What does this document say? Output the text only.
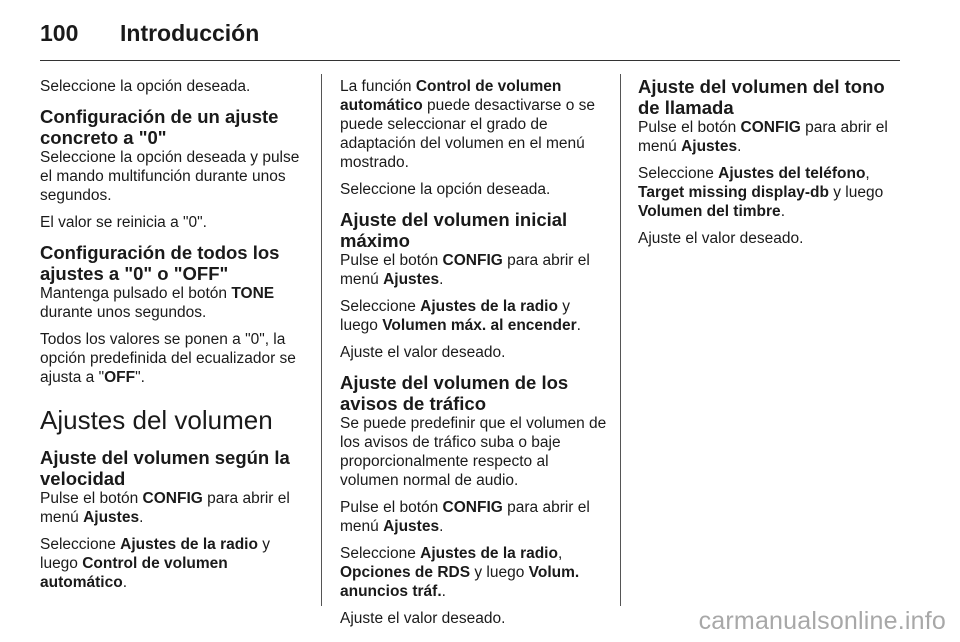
100 Introducción

Seleccione la opción deseada.

Configuración de un ajuste concreto a "0"

Seleccione la opción deseada y pulse el mando multifunción durante unos segundos.

El valor se reinicia a "0".

Configuración de todos los ajustes a "0" o "OFF"

Mantenga pulsado el botón TONE durante unos segundos.

Todos los valores se ponen a "0", la opción predefinida del ecualizador se ajusta a "OFF".

Ajustes del volumen
Ajuste del volumen según la velocidad

Pulse el botón CONFIG para abrir el menú Ajustes.

Seleccione Ajustes de la radio y luego Control de volumen automático.

La función Control de volumen automático puede desactivarse o se puede seleccionar el grado de adaptación del volumen en el menú mostrado.

Seleccione la opción deseada.

Ajuste del volumen inicial máximo

Pulse el botón CONFIG para abrir el menú Ajustes.

Seleccione Ajustes de la radio y luego Volumen máx. al encender.

Ajuste el valor deseado.

Ajuste del volumen de los avisos de tráfico

Se puede predefinir que el volumen de los avisos de tráfico suba o baje proporcionalmente respecto al volumen normal de audio.

Pulse el botón CONFIG para abrir el menú Ajustes.

Seleccione Ajustes de la radio, Opciones de RDS y luego Volum. anuncios tráf..

Ajuste el valor deseado.

Ajuste del volumen del tono de llamada

Pulse el botón CONFIG para abrir el menú Ajustes.

Seleccione Ajustes del teléfono, Target missing display-db y luego Volumen del timbre.

Ajuste el valor deseado.

carmanualsonline.info
